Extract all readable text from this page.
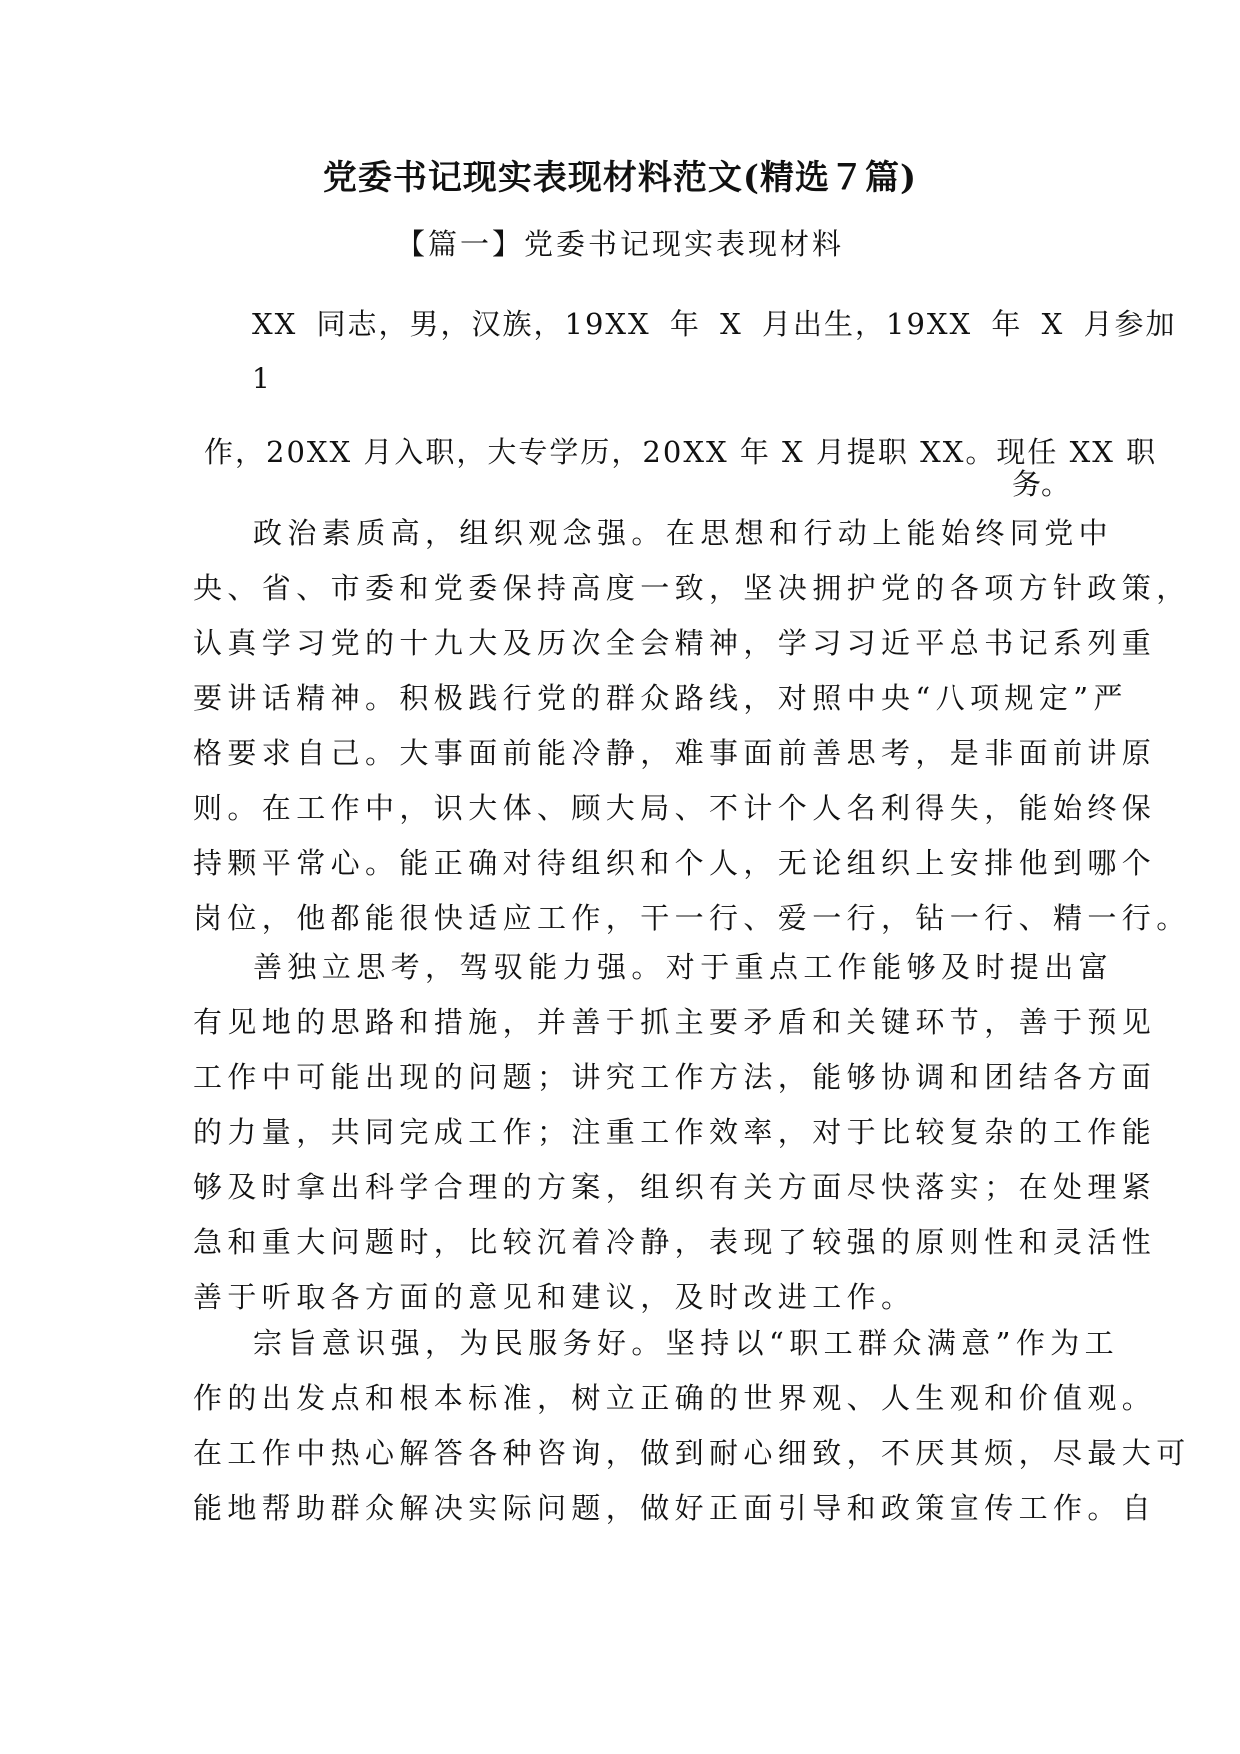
党委书记现实表现材料范文(精选７篇)
【篇一】党委书记现实表现材料
XX 同志，男，汉族，19XX 年 X 月出生，19XX 年 X 月参加
1
作，20XX 月入职，大专学历，20XX 年 X 月提职 XX。现任 XX 职
务。
政治素质高，组织观念强。在思想和行动上能始终同党中
央、省、市委和党委保持高度一致，坚决拥护党的各项方针政策，
认真学习党的十九大及历次全会精神，学习习近平总书记系列重
要讲话精神。积极践行党的群众路线，对照中央“八项规定”严
格要求自己。大事面前能冷静，难事面前善思考，是非面前讲原
则。在工作中，识大体、顾大局、不计个人名利得失，能始终保
持颗平常心。能正确对待组织和个人，无论组织上安排他到哪个
岗位，他都能很快适应工作，干一行、爱一行，钻一行、精一行。
善独立思考，驾驭能力强。对于重点工作能够及时提出富
有见地的思路和措施，并善于抓主要矛盾和关键环节，善于预见
工作中可能出现的问题；讲究工作方法，能够协调和团结各方面
的力量，共同完成工作；注重工作效率，对于比较复杂的工作能
够及时拿出科学合理的方案，组织有关方面尽快落实；在处理紧
急和重大问题时，比较沉着冷静，表现了较强的原则性和灵活性
善于听取各方面的意见和建议，及时改进工作。
宗旨意识强，为民服务好。坚持以“职工群众满意”作为工
作的出发点和根本标准，树立正确的世界观、人生观和价值观。
在工作中热心解答各种咨询，做到耐心细致，不厌其烦，尽最大可
能地帮助群众解决实际问题，做好正面引导和政策宣传工作。自
